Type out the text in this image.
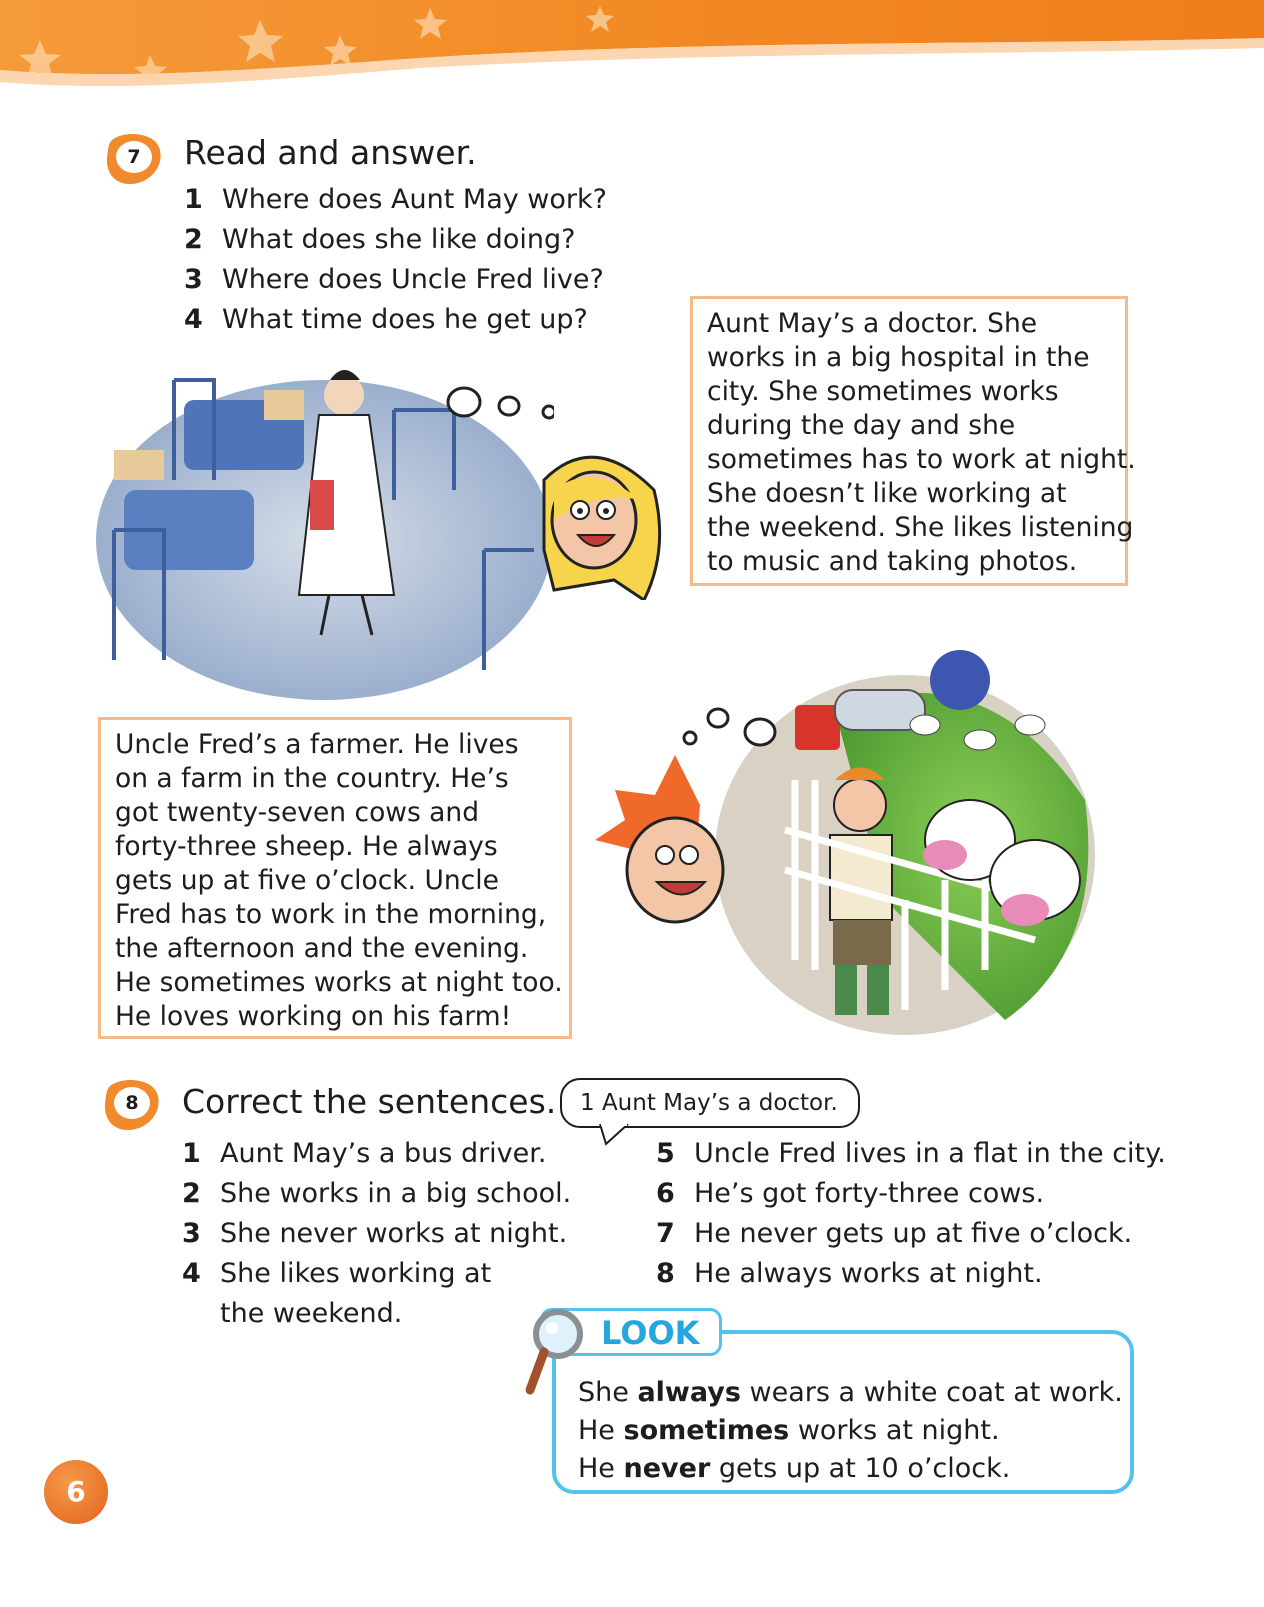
7	Read and answer.
1 Where does Aunt May work?
2 What does she like doing?
3 Where does Uncle Fred live?
4 What time does he get up?	Aunt May’s a doctor. She

works in a big hospital in the

city. She sometimes works

during the day and she

sometimes has to work at night.

She doesn’t like working at

the weekend. She likes listening

to music and taking photos.

Uncle Fred’s a farmer. He lives

on a farm in the country. He’s

got twenty-seven cows and

forty-three sheep. He always

gets up at five o’clock. Uncle

Fred has to work in the morning,

the afternoon and the evening.

He sometimes works at night too.

He loves working on his farm!

8	Correct the sentences.	1 Aunt May’s a doctor.
1 Aunt May’s a bus driver.
2 She works in a big school.
3 She never works at night.
4 She likes working at
the weekend.
5 Uncle Fred lives in a flat in the city.
6 He’s got forty-three cows.
7 He never gets up at five o’clock.
8 He always works at night.

She always wears a white coat at work.

He sometimes works at night.

He never gets up at 10 o’clock.

LOOK
6
